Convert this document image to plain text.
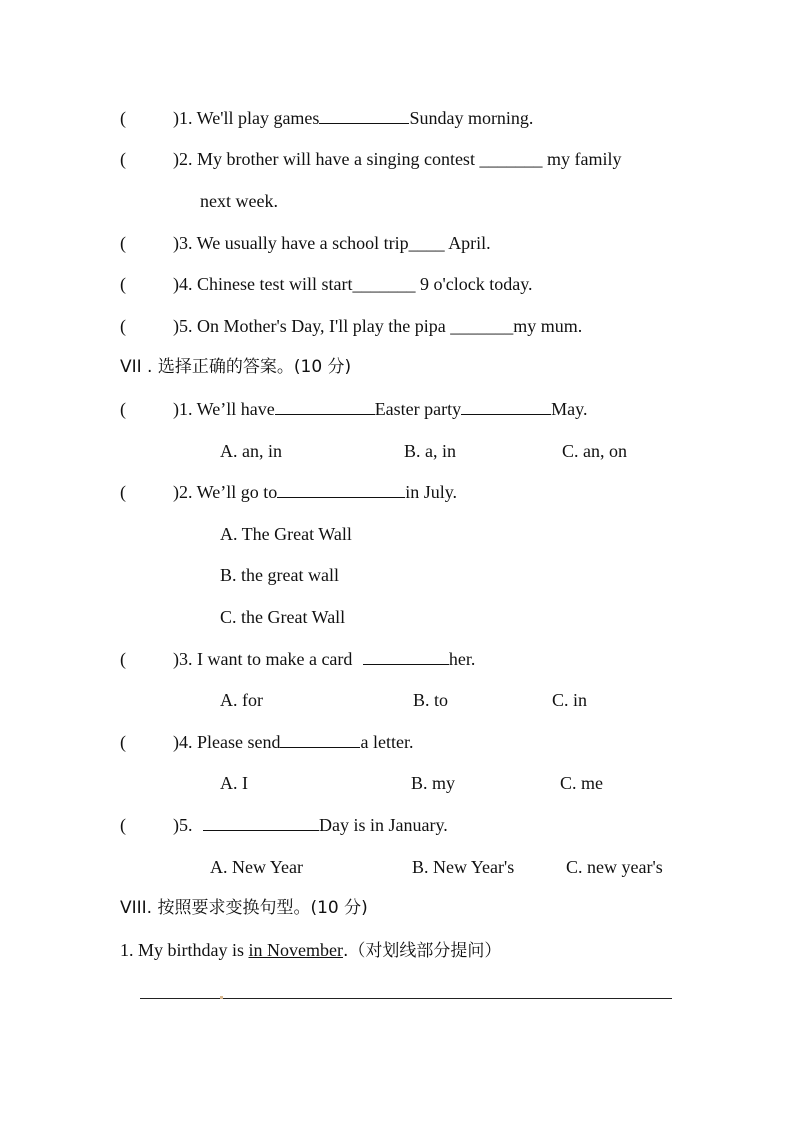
(	)1. We'll play games	Sunday morning.
(	)2. My brother will have a singing contest _______ my family
next week.
(	)3. We usually have a school trip____ April.
(	)4. Chinese test will start_______ 9 o'clock today.
(	)5. On Mother's Day, I'll play the pipa _______my mum.
VII . 选择正确的答案。(10 分)
(	)1. We’ll have	Easter party	May.
A. an, in	B. a, in	C. an, on
(	)2. We’ll go to	in July.
A. The Great Wall
B. the great wall
C. the Great Wall
(	)3. I want to make a card	her.
A. for	B. to	C. in
(	)4. Please send	a letter.
A. I	B. my	C. me
(	)5.	Day is in January.
A. New Year	B. New Year's	C. new year's
VIII. 按照要求变换句型。(10 分)
1. My birthday is in November.（对划线部分提问）
